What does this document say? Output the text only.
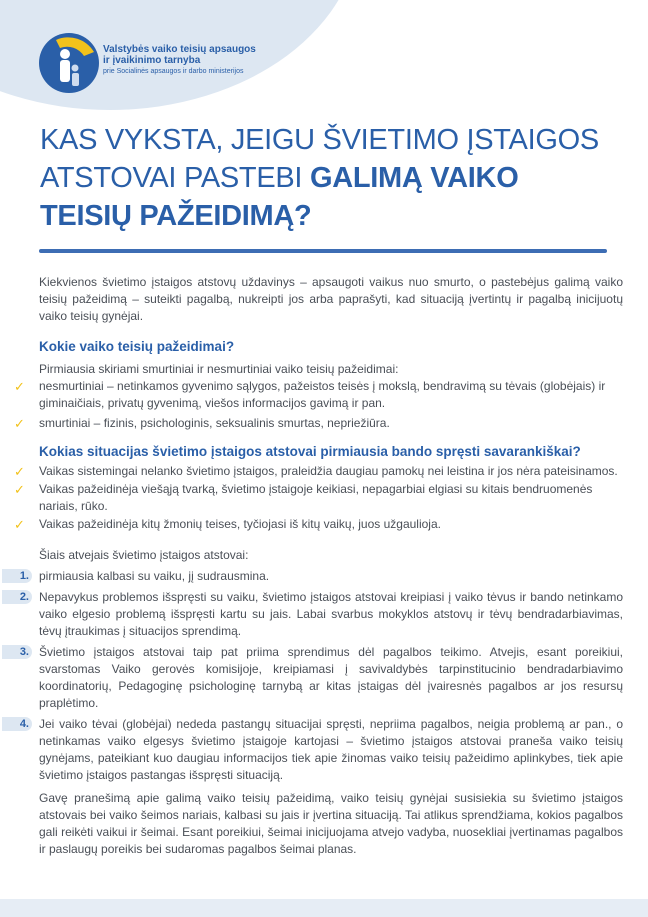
Valstybės vaiko teisių apsaugos
ir įvaikinimo tarnyba
prie Socialinės apsaugos ir darbo ministerijos
KAS VYKSTA, JEIGU ŠVIETIMO ĮSTAIGOS
ATSTOVAI PASTEBI GALIMĄ VAIKO
TEISIŲ PAŽEIDIMĄ?

Kiekvienos švietimo įstaigos atstovų uždavinys – apsaugoti vaikus nuo smurto, o pastebėjus galimą vaiko teisių pažeidimą – suteikti pagalbą, nukreipti jos arba paprašyti, kad situaciją įvertintų ir pagalbą inicijuotų vaiko teisių gynėjai.

Kokie vaiko teisių pažeidimai?

Pirmiausia skiriami smurtiniai ir nesmurtiniai vaiko teisių pažeidimai:

✓ nesmurtiniai – netinkamos gyvenimo sąlygos, pažeistos teisės į mokslą, bendravimą su tėvais (globėjais) ir giminaičiais, privatų gyvenimą, viešos informacijos gavimą ir pan.
✓ smurtiniai – fizinis, psichologinis, seksualinis smurtas, nepriežiūra.

Kokias situacijas švietimo įstaigos atstovai pirmiausia bando spręsti savarankiškai?

✓ Vaikas sistemingai nelanko švietimo įstaigos, praleidžia daugiau pamokų nei leistina ir jos nėra pateisinamos.
✓ Vaikas pažeidinėja viešąją tvarką, švietimo įstaigoje keikiasi, nepagarbiai elgiasi su kitais bendruomenės nariais, rūko.
✓ Vaikas pažeidinėja kitų žmonių teises, tyčiojasi iš kitų vaikų, juos užgaulioja.

Šiais atvejais švietimo įstaigos atstovai:

1. pirmiausia kalbasi su vaiku, jį sudrausmina.
2. Nepavykus problemos išspręsti su vaiku, švietimo įstaigos atstovai kreipiasi į vaiko tėvus ir bando netinkamo vaiko elgesio problemą išspręsti kartu su jais. Labai svarbus mokyklos atstovų ir tėvų bendradarbiavimas, tėvų įtraukimas į situacijos sprendimą.
3. Švietimo įstaigos atstovai taip pat priima sprendimus dėl pagalbos teikimo. Atvejis, esant poreikiui, svarstomas Vaiko gerovės komisijoje, kreipiamasi į savivaldybės tarpinstitucinio bendradarbiavimo koordinatorių, Pedagoginę psichologinę tarnybą ar kitas įstaigas dėl įvairesnės pagalbos ar jos resursų praplėtimo.
4. Jei vaiko tėvai (globėjai) nededa pastangų situacijai spręsti, nepriima pagalbos, neigia problemą ar pan., o netinkamas vaiko elgesys švietimo įstaigoje kartojasi – švietimo įstaigos atstovai praneša vaiko teisių gynėjams, pateikiant kuo daugiau informacijos tiek apie žinomas vaiko teisių pažeidimo aplinkybes, tiek apie švietimo įstaigos pastangas išspręsti situaciją.

Gavę pranešimą apie galimą vaiko teisių pažeidimą, vaiko teisių gynėjai susisiekia su švietimo įstaigos atstovais bei vaiko šeimos nariais, kalbasi su jais ir įvertina situaciją. Tai atlikus sprendžiama, kokios pagalbos gali reikėti vaikui ir šeimai. Esant poreikiui, šeimai inicijuojama atvejo vadyba, nuosekliai įvertinamas pagalbos ir paslaugų poreikis bei sudaromas pagalbos šeimai planas.
